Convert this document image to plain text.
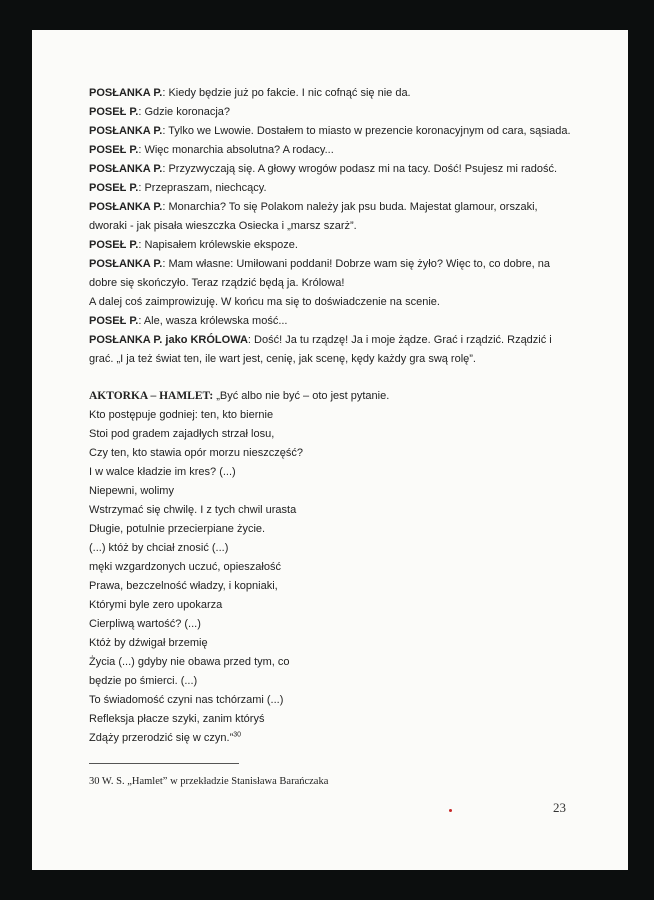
POSŁANKA P.: Kiedy będzie już po fakcie. I nic cofnąć się nie da.

POSEŁ P.: Gdzie koronacja?

POSŁANKA P.: Tylko we Lwowie. Dostałem to miasto w prezencie koronacyjnym od cara, sąsiada.

POSEŁ P.: Więc monarchia absolutna? A rodacy...

POSŁANKA P.: Przyzwyczają się. A głowy wrogów podasz mi na tacy. Dość! Psujesz mi radość.

POSEŁ P.: Przepraszam, niechcący.

POSŁANKA P.: Monarchia? To się Polakom należy jak psu buda. Majestat glamour, orszaki, dworaki - jak pisała wieszczka Osiecka i „marsz szarż”.

POSEŁ P.: Napisałem królewskie ekspoze.

POSŁANKA P.: Mam własne: Umiłowani poddani! Dobrze wam się żyło? Więc to, co dobre, na dobre się skończyło. Teraz rządzić będą ja. Królowa!

A dalej coś zaimprowizuję. W końcu ma się to doświadczenie na scenie.

POSEŁ P.: Ale, wasza królewska mość...

POSŁANKA P. jako KRÓLOWA: Dość! Ja tu rządzę! Ja i moje żądze. Grać i rządzić. Rządzić i grać. „I ja też świat ten, ile wart jest, cenię, jak scenę, kędy każdy gra swą rolę”.

AKTORKA – HAMLET: „Być albo nie być – oto jest pytanie.

Kto postępuje godniej: ten, kto biernie

Stoi pod gradem zajadłych strzał losu,

Czy ten, kto stawia opór morzu nieszczęść?

I w walce kładzie im kres? (...)

Niepewni, wolimy

Wstrzymać się chwilę. I z tych chwil urasta

Długie, potulnie przecierpiane życie.

(...) któż by chciał znosić (...)

męki wzgardzonych uczuć, opieszałość

Prawa, bezczelność władzy, i kopniaki,

Którymi byle zero upokarza

Cierpliwą wartość? (...)

Któż by dźwigał brzemię

Życia (...) gdyby nie obawa przed tym, co

będzie po śmierci. (...)

To świadomość czyni nas tchórzami (...)

Refleksja płacze szyki, zanim któryś

Zdąży przerodzić się w czyn.”$^{30}$

30 W. S. „Hamlet” w przekładzie Stanisława Barańczaka
23
